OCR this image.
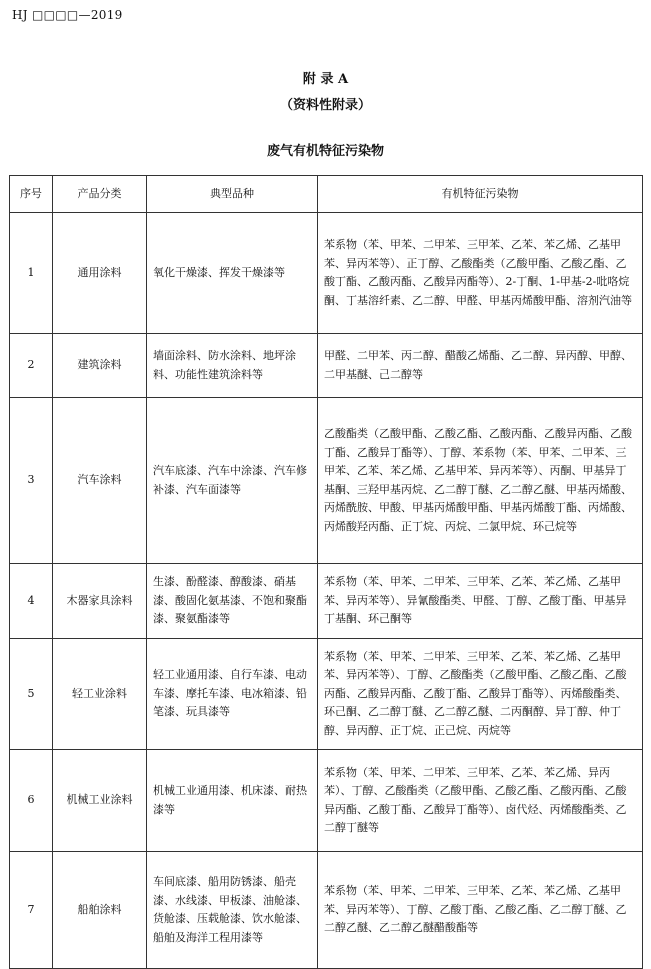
HJ □□□□—2019
附 录 A
（资料性附录）
废气有机特征污染物
序号	产品分类	典型品种	有机特征污染物
1	通用涂料	氧化干燥漆、挥发干燥漆等	苯系物（苯、甲苯、二甲苯、三甲苯、乙苯、苯乙烯、乙基甲苯、异丙苯等）、正丁醇、乙酸酯类（乙酸甲酯、乙酸乙酯、乙酸丁酯、乙酸丙酯、乙酸异丙酯等）、2-丁酮、1-甲基-2-吡咯烷酮、丁基溶纤素、乙二醇、甲醛、甲基丙烯酸甲酯、溶剂汽油等
2	建筑涂料	墙面涂料、防水涂料、地坪涂料、功能性建筑涂料等	甲醛、二甲苯、丙二醇、醋酸乙烯酯、乙二醇、异丙醇、甲醇、二甲基醚、己二醇等
3	汽车涂料	汽车底漆、汽车中涂漆、汽车修补漆、汽车面漆等	乙酸酯类（乙酸甲酯、乙酸乙酯、乙酸丙酯、乙酸异丙酯、乙酸丁酯、乙酸异丁酯等）、丁醇、苯系物（苯、甲苯、二甲苯、三甲苯、乙苯、苯乙烯、乙基甲苯、异丙苯等）、丙酮、甲基异丁基酮、三羟甲基丙烷、乙二醇丁醚、乙二醇乙醚、甲基丙烯酸、丙烯酰胺、甲酸、甲基丙烯酸甲酯、甲基丙烯酸丁酯、丙烯酸、丙烯酸羟丙酯、正丁烷、丙烷、二氯甲烷、环己烷等
4	木器家具涂料	生漆、酚醛漆、醇酸漆、硝基漆、酸固化氨基漆、不饱和聚酯漆、聚氨酯漆等	苯系物（苯、甲苯、二甲苯、三甲苯、乙苯、苯乙烯、乙基甲苯、异丙苯等）、异氰酸酯类、甲醛、丁醇、乙酸丁酯、甲基异丁基酮、环己酮等
5	轻工业涂料	轻工业通用漆、自行车漆、电动车漆、摩托车漆、电冰箱漆、铅笔漆、玩具漆等	苯系物（苯、甲苯、二甲苯、三甲苯、乙苯、苯乙烯、乙基甲苯、异丙苯等）、丁醇、乙酸酯类（乙酸甲酯、乙酸乙酯、乙酸丙酯、乙酸异丙酯、乙酸丁酯、乙酸异丁酯等）、丙烯酸酯类、环己酮、乙二醇丁醚、乙二醇乙醚、二丙酮醇、异丁醇、仲丁醇、异丙醇、正丁烷、正己烷、丙烷等
6	机械工业涂料	机械工业通用漆、机床漆、耐热漆等	苯系物（苯、甲苯、二甲苯、三甲苯、乙苯、苯乙烯、异丙苯）、丁醇、乙酸酯类（乙酸甲酯、乙酸乙酯、乙酸丙酯、乙酸异丙酯、乙酸丁酯、乙酸异丁酯等）、卤代烃、丙烯酸酯类、乙二醇丁醚等
7	船舶涂料	车间底漆、船用防锈漆、船壳漆、水线漆、甲板漆、油舱漆、货舱漆、压载舱漆、饮水舱漆、船舶及海洋工程用漆等	苯系物（苯、甲苯、二甲苯、三甲苯、乙苯、苯乙烯、乙基甲苯、异丙苯等）、丁醇、乙酸丁酯、乙酸乙酯、乙二醇丁醚、乙二醇乙醚、乙二醇乙醚醋酸酯等
